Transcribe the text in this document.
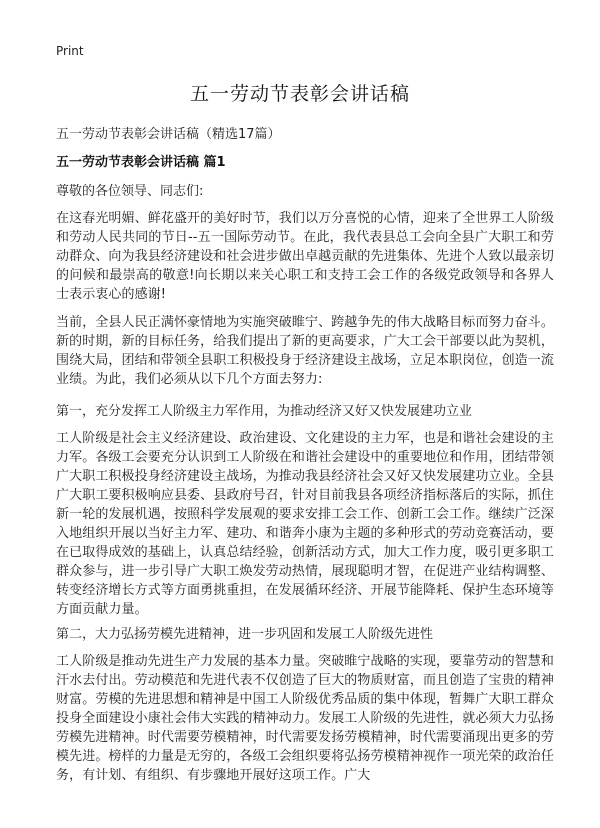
Print
五一劳动节表彰会讲话稿
五一劳动节表彰会讲话稿（精选17篇）
五一劳动节表彰会讲话稿 篇1
尊敬的各位领导、同志们:
在这春光明媚、鲜花盛开的美好时节，我们以万分喜悦的心情，迎来了全世界工人阶级和劳动人民共同的节日--五一国际劳动节。在此，我代表县总工会向全县广大职工和劳动群众、向为我县经济建设和社会进步做出卓越贡献的先进集体、先进个人致以最亲切的问候和最崇高的敬意!向长期以来关心职工和支持工会工作的各级党政领导和各界人士表示衷心的感谢!
当前，全县人民正满怀豪情地为实施突破睢宁、跨越争先的伟大战略目标而努力奋斗。新的时期，新的目标任务，给我们提出了新的更高要求，广大工会干部要以此为契机，围绕大局，团结和带领全县职工积极投身于经济建设主战场，立足本职岗位，创造一流业绩。为此，我们必须从以下几个方面去努力:
第一，充分发挥工人阶级主力军作用，为推动经济又好又快发展建功立业
工人阶级是社会主义经济建设、政治建设、文化建设的主力军，也是和谐社会建设的主力军。各级工会要充分认识到工人阶级在和谐社会建设中的重要地位和作用，团结带领广大职工积极投身经济建设主战场，为推动我县经济社会又好又快发展建功立业。全县广大职工要积极响应县委、县政府号召，针对目前我县各项经济指标落后的实际，抓住新一轮的发展机遇，按照科学发展观的要求安排工会工作、创新工会工作。继续广泛深入地组织开展以当好主力军、建功、和谐奔小康为主题的多种形式的劳动竞赛活动，要在已取得成效的基础上，认真总结经验，创新活动方式，加大工作力度，吸引更多职工群众参与，进一步引导广大职工焕发劳动热情，展现聪明才智，在促进产业结构调整、转变经济增长方式等方面勇挑重担，在发展循环经济、开展节能降耗、保护生态环境等方面贡献力量。
第二，大力弘扬劳模先进精神，进一步巩固和发展工人阶级先进性
工人阶级是推动先进生产力发展的基本力量。突破睢宁战略的实现，要靠劳动的智慧和汗水去付出。劳动模范和先进代表不仅创造了巨大的物质财富，而且创造了宝贵的精神财富。劳模的先进思想和精神是中国工人阶级优秀品质的集中体现，暂舞广大职工群众投身全面建设小康社会伟大实践的精神动力。发展工人阶级的先进性，就必须大力弘扬劳模先进精神。时代需要劳模精神，时代需要发扬劳模精神，时代需要涌现出更多的劳模先进。榜样的力量是无穷的，各级工会组织要将弘扬劳模精神视作一项光荣的政治任务，有计划、有组织、有步骤地开展好这项工作。广大
